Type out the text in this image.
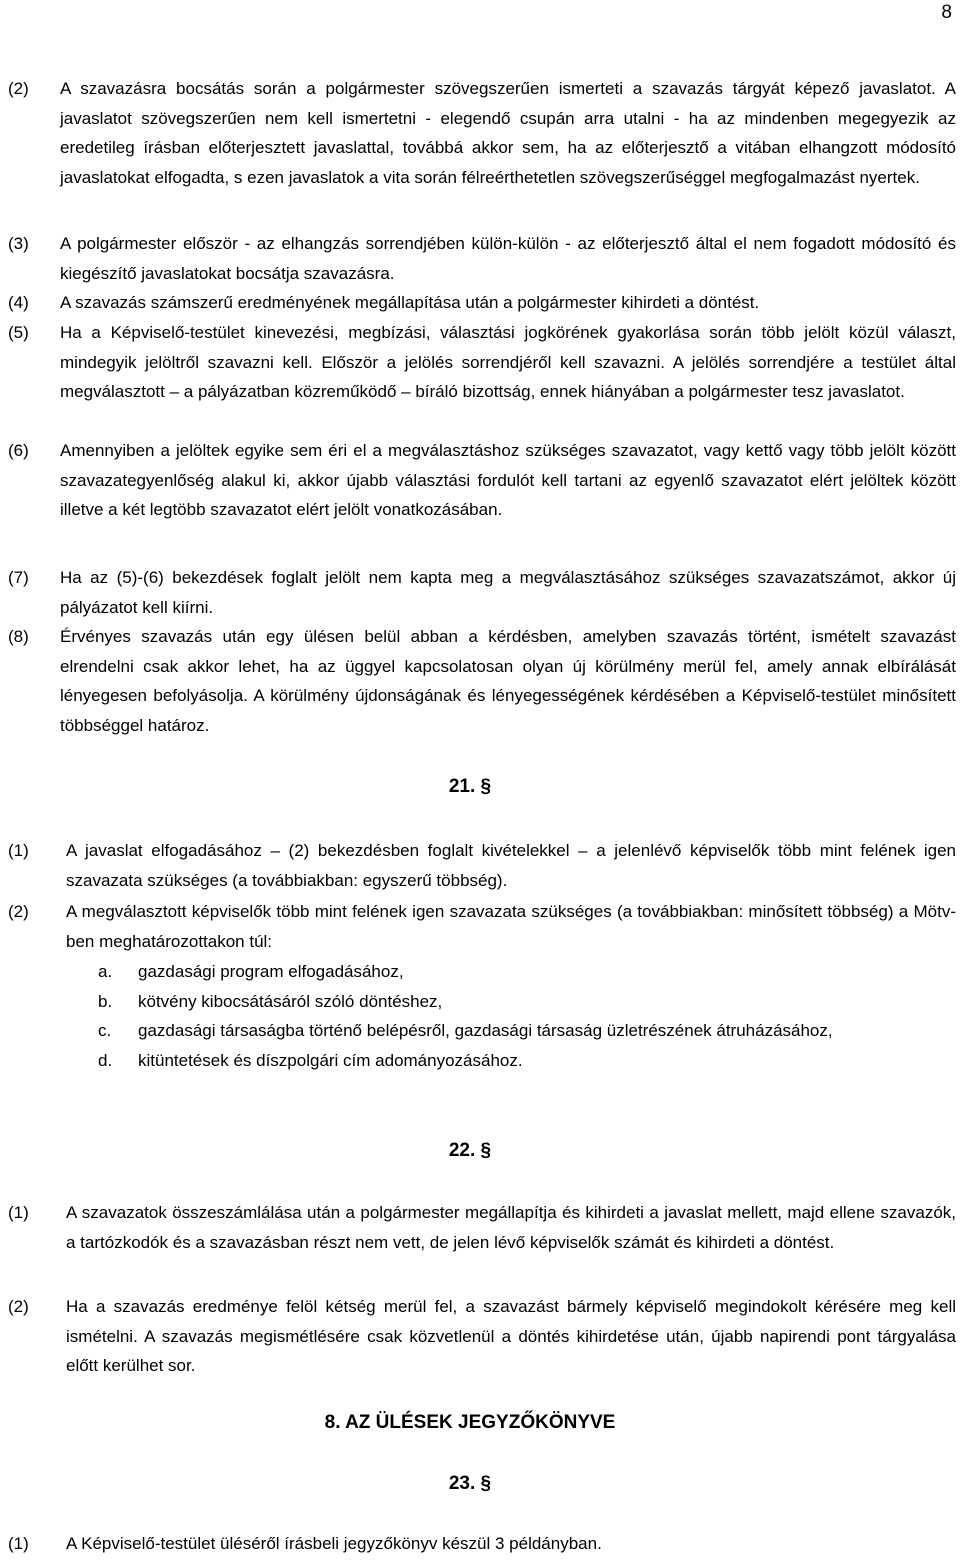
8
(2) A szavazásra bocsátás során a polgármester szövegszerűen ismerteti a szavazás tárgyát képező javaslatot. A javaslatot szövegszerűen nem kell ismertetni - elegendő csupán arra utalni - ha az mindenben megegyezik az eredetileg írásban előterjesztett javaslattal, továbbá akkor sem, ha az előterjesztő a vitában elhangzott módosító javaslatokat elfogadta, s ezen javaslatok a vita során félreérthetetlen szövegszerűséggel megfogalmazást nyertek.
(3) A polgármester először - az elhangzás sorrendjében külön-külön - az előterjesztő által el nem fogadott módosító és kiegészítő javaslatokat bocsátja szavazásra.
(4) A szavazás számszerű eredményének megállapítása után a polgármester kihirdeti a döntést.
(5) Ha a Képviselő-testület kinevezési, megbízási, választási jogkörének gyakorlása során több jelölt közül választ, mindegyik jelöltről szavazni kell. Először a jelölés sorrendjéről kell szavazni. A jelölés sorrendjére a testület által megválasztott – a pályázatban közreműködő – bíráló bizottság, ennek hiányában a polgármester tesz javaslatot.
(6) Amennyiben a jelöltek egyike sem éri el a megválasztáshoz szükséges szavazatot, vagy kettő vagy több jelölt között szavazategyenlőség alakul ki, akkor újabb választási fordulót kell tartani az egyenlő szavazatot elért jelöltek között illetve a két legtöbb szavazatot elért jelölt vonatkozásában.
(7) Ha az (5)-(6) bekezdések foglalt jelölt nem kapta meg a megválasztásához szükséges szavazatszámot, akkor új pályázatot kell kiírni.
(8) Érvényes szavazás után egy ülésen belül abban a kérdésben, amelyben szavazás történt, ismételt szavazást elrendelni csak akkor lehet, ha az üggyel kapcsolatosan olyan új körülmény merül fel, amely annak elbírálását lényegesen befolyásolja. A körülmény újdonságának és lényegességének kérdésében a Képviselő-testület minősített többséggel határoz.
21. §
(1) A javaslat elfogadásához – (2) bekezdésben foglalt kivételekkel – a jelenlévő képviselők több mint felének igen szavazata szükséges (a továbbiakban: egyszerű többség).
(2) A megválasztott képviselők több mint felének igen szavazata szükséges (a továbbiakban: minősített többség) a Mötv-ben meghatározottakon túl:
a. gazdasági program elfogadásához,
b. kötvény kibocsátásáról szóló döntéshez,
c. gazdasági társaságba történő belépésről, gazdasági társaság üzletrészének átruházásához,
d. kitüntetések és díszpolgári cím adományozásához.
22. §
(1) A szavazatok összeszámlálása után a polgármester megállapítja és kihirdeti a javaslat mellett, majd ellene szavazók, a tartózkodók és a szavazásban részt nem vett, de jelen lévő képviselők számát és kihirdeti a döntést.
(2) Ha a szavazás eredménye felöl kétség merül fel, a szavazást bármely képviselő megindokolt kérésére meg kell ismételni. A szavazás megismétlésére csak közvetlenül a döntés kihirdetése után, újabb napirendi pont tárgyalása előtt kerülhet sor.
8. AZ ÜLÉSEK JEGYZŐKÖNYVE
23. §
(1) A Képviselő-testület üléséről írásbeli jegyzőkönyv készül 3 példányban.
